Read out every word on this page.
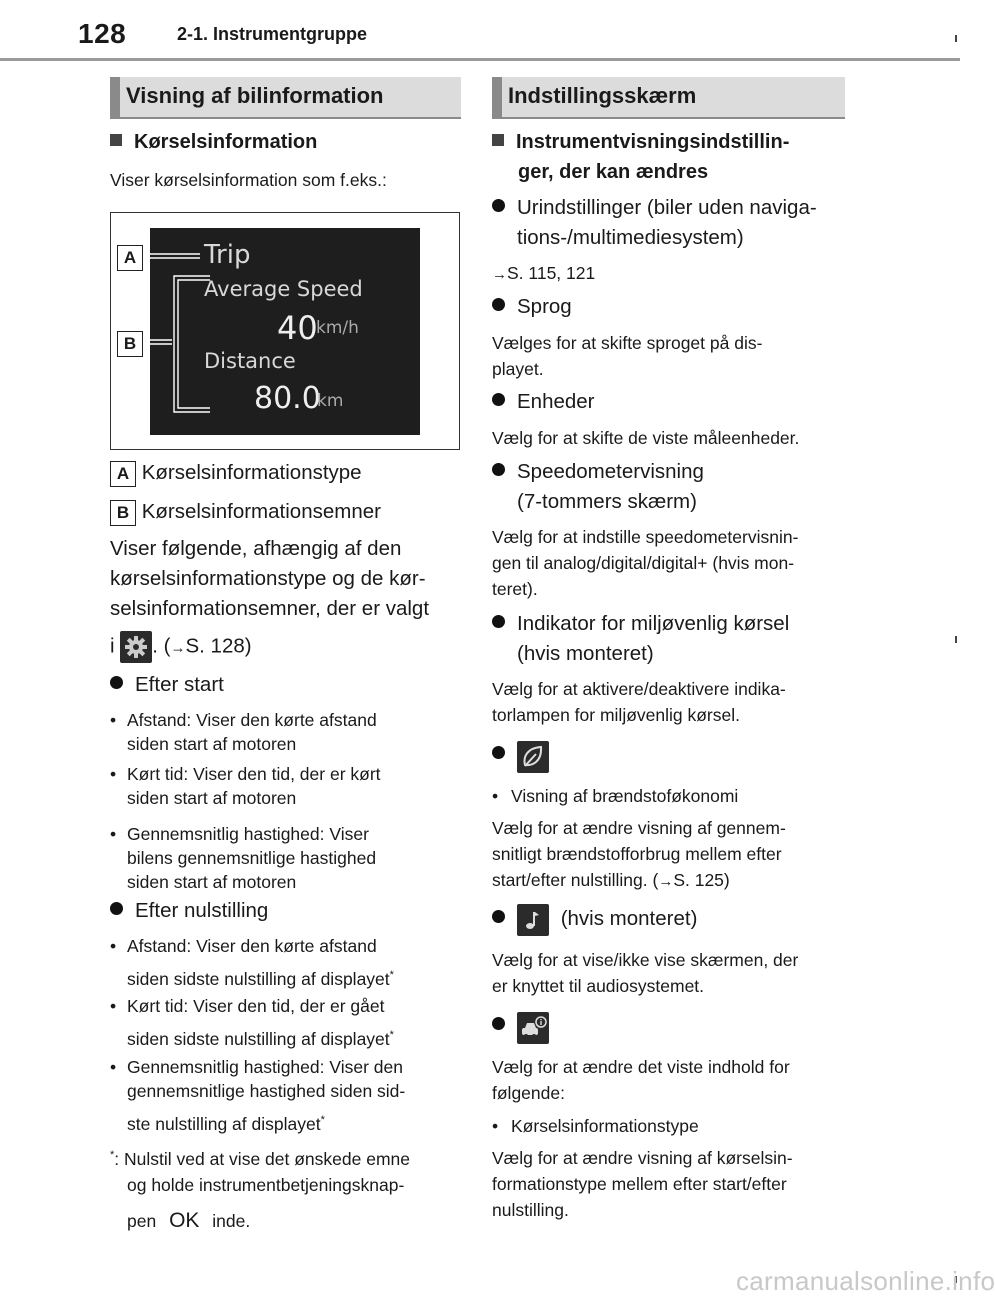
128	2-1. Instrumentgruppe
Visning af bilinformation
Kørselsinformation
Viser kørselsinformation som f.eks.:
Trip
Average Speed
40
km/h
Distance
80.0
km
A
B
A Kørselsinformationstype
B Kørselsinformationsemner
Viser følgende, afhængig af den
kørselsinformationstype og de kør-
selsinformationsemner, der er valgt
i . (→S. 128)
Efter start
• Afstand: Viser den kørte afstand
siden start af motoren
• Kørt tid: Viser den tid, der er kørt
siden start af motoren
• Gennemsnitlig hastighed: Viser
bilens gennemsnitlige hastighed
siden start af motoren
Efter nulstilling
• Afstand: Viser den kørte afstand
siden sidste nulstilling af displayet*
• Kørt tid: Viser den tid, der er gået
siden sidste nulstilling af displayet*
• Gennemsnitlig hastighed: Viser den
gennemsnitlige hastighed siden sid-
ste nulstilling af displayet*
*: Nulstil ved at vise det ønskede emne
og holde instrumentbetjeningsknap-
pen OK inde.
Indstillingsskærm
Instrumentvisningsindstillin-
ger, der kan ændres
Urindstillinger (biler uden naviga-
tions-/multimediesystem)
→S. 115, 121
Sprog
Vælges for at skifte sproget på dis-
playet.
Enheder
Vælg for at skifte de viste måleenheder.
Speedometervisning
(7-tommers skærm)
Vælg for at indstille speedometervisnin-
gen til analog/digital/digital+ (hvis mon-
teret).
Indikator for miljøvenlig kørsel
(hvis monteret)
Vælg for at aktivere/deaktivere indika-
torlampen for miljøvenlig kørsel.
• Visning af brændstoføkonomi
Vælg for at ændre visning af gennem-
snitligt brændstofforbrug mellem efter
start/efter nulstilling. (→S. 125)
(hvis monteret)
Vælg for at vise/ikke vise skærmen, der
er knyttet til audiosystemet.
Vælg for at ændre det viste indhold for
følgende:
• Kørselsinformationstype
Vælg for at ændre visning af kørselsin-
formationstype mellem efter start/efter
nulstilling.
carmanualsonline.info
